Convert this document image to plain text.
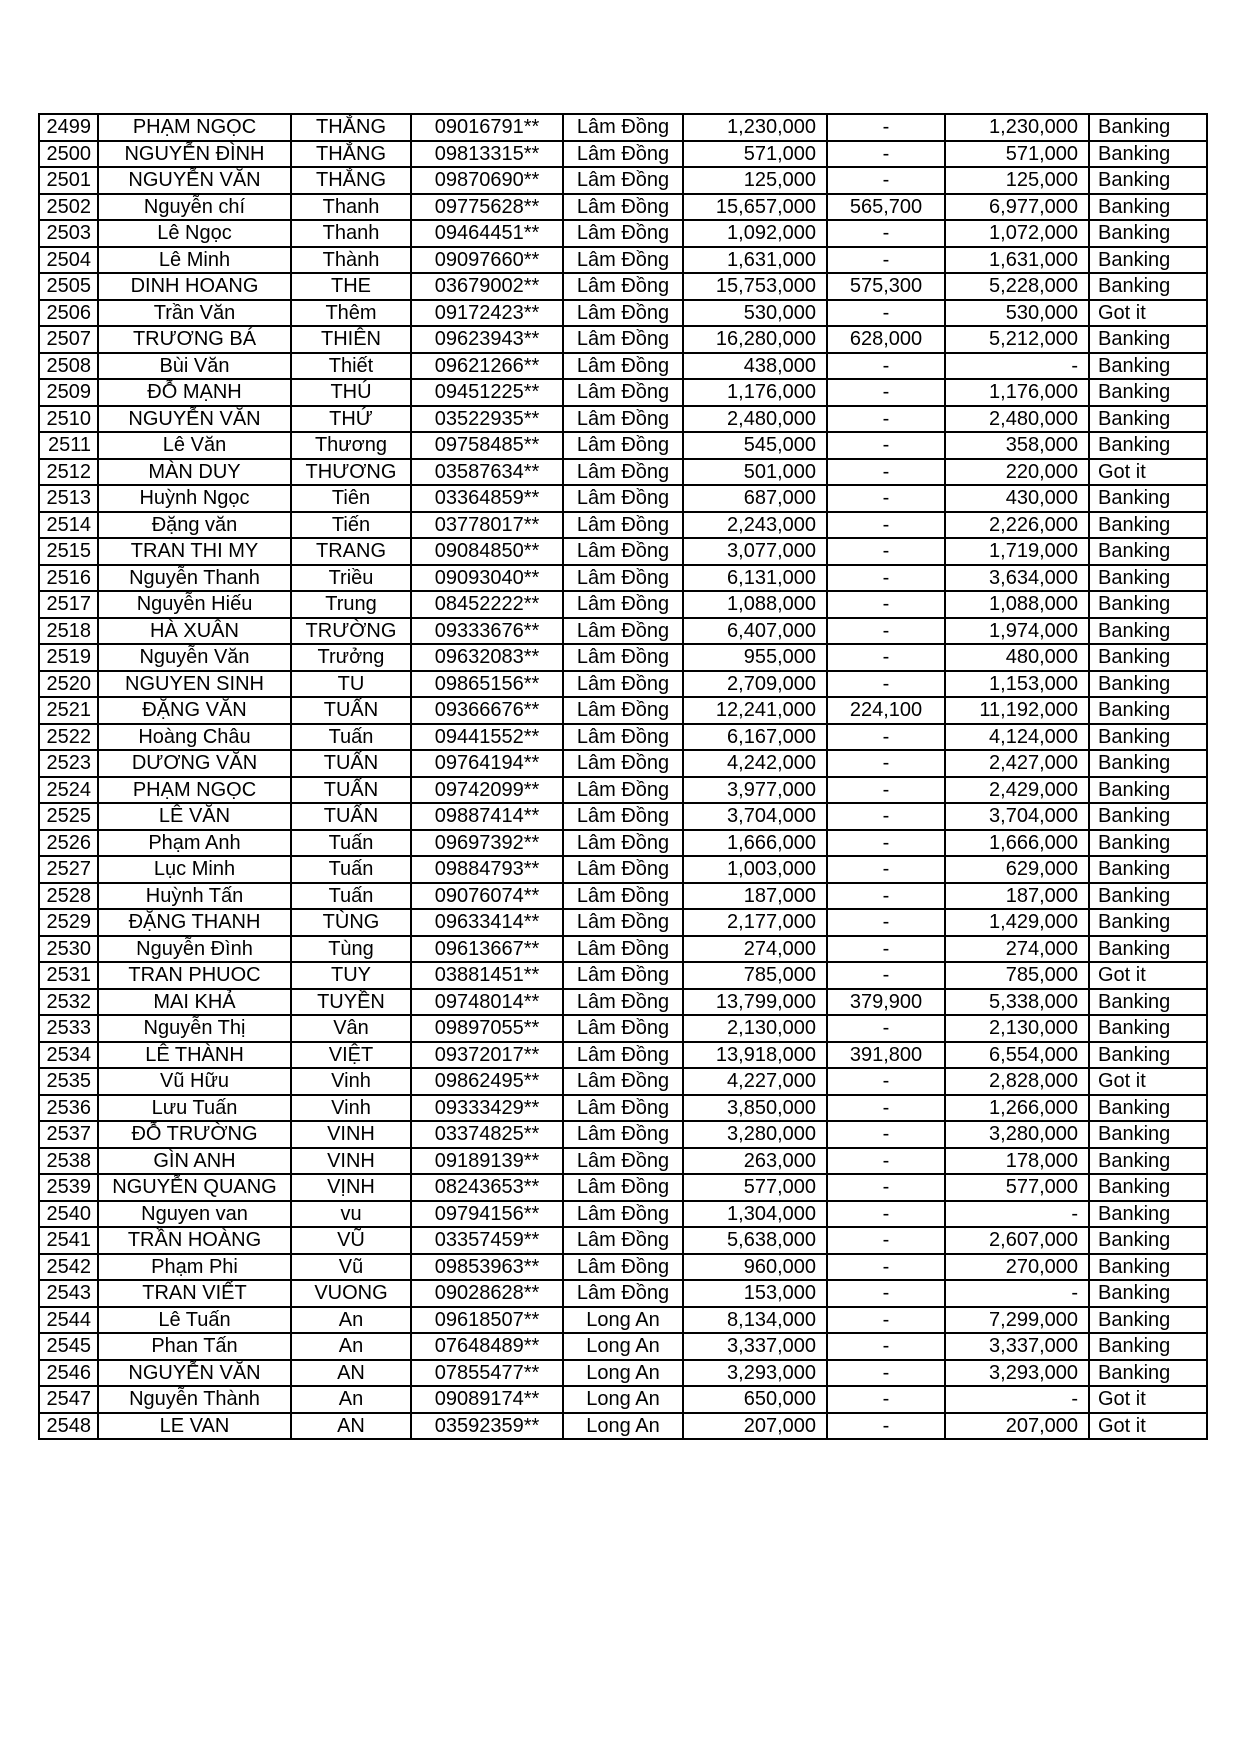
2499	PHẠM NGỌC	THẮNG	09016791**	Lâm Đồng	1,230,000	-	1,230,000	Banking
2500	NGUYỄN ĐÌNH	THẮNG	09813315**	Lâm Đồng	571,000	-	571,000	Banking
2501	NGUYỄN VĂN	THẮNG	09870690**	Lâm Đồng	125,000	-	125,000	Banking
2502	Nguyễn chí	Thanh	09775628**	Lâm Đồng	15,657,000	565,700	6,977,000	Banking
2503	Lê Ngọc	Thanh	09464451**	Lâm Đồng	1,092,000	-	1,072,000	Banking
2504	Lê Minh	Thành	09097660**	Lâm Đồng	1,631,000	-	1,631,000	Banking
2505	DINH HOANG	THE	03679002**	Lâm Đồng	15,753,000	575,300	5,228,000	Banking
2506	Trần Văn	Thêm	09172423**	Lâm Đồng	530,000	-	530,000	Got it
2507	TRƯƠNG BÁ	THIÊN	09623943**	Lâm Đồng	16,280,000	628,000	5,212,000	Banking
2508	Bùi Văn	Thiết	09621266**	Lâm Đồng	438,000	-	-	Banking
2509	ĐỖ MẠNH	THÚ	09451225**	Lâm Đồng	1,176,000	-	1,176,000	Banking
2510	NGUYỄN VĂN	THỨ	03522935**	Lâm Đồng	2,480,000	-	2,480,000	Banking
2511	Lê Văn	Thương	09758485**	Lâm Đồng	545,000	-	358,000	Banking
2512	MÀN DUY	THƯƠNG	03587634**	Lâm Đồng	501,000	-	220,000	Got it
2513	Huỳnh Ngọc	Tiên	03364859**	Lâm Đồng	687,000	-	430,000	Banking
2514	Đặng văn	Tiến	03778017**	Lâm Đồng	2,243,000	-	2,226,000	Banking
2515	TRAN THI MY	TRANG	09084850**	Lâm Đồng	3,077,000	-	1,719,000	Banking
2516	Nguyễn Thanh	Triều	09093040**	Lâm Đồng	6,131,000	-	3,634,000	Banking
2517	Nguyễn Hiếu	Trung	08452222**	Lâm Đồng	1,088,000	-	1,088,000	Banking
2518	HÀ XUÂN	TRƯỜNG	09333676**	Lâm Đồng	6,407,000	-	1,974,000	Banking
2519	Nguyễn Văn	Trưởng	09632083**	Lâm Đồng	955,000	-	480,000	Banking
2520	NGUYEN SINH	TU	09865156**	Lâm Đồng	2,709,000	-	1,153,000	Banking
2521	ĐẶNG VĂN	TUẤN	09366676**	Lâm Đồng	12,241,000	224,100	11,192,000	Banking
2522	Hoàng Châu	Tuấn	09441552**	Lâm Đồng	6,167,000	-	4,124,000	Banking
2523	DƯƠNG VĂN	TUẤN	09764194**	Lâm Đồng	4,242,000	-	2,427,000	Banking
2524	PHẠM NGỌC	TUẤN	09742099**	Lâm Đồng	3,977,000	-	2,429,000	Banking
2525	LÊ VĂN	TUẤN	09887414**	Lâm Đồng	3,704,000	-	3,704,000	Banking
2526	Phạm Anh	Tuấn	09697392**	Lâm Đồng	1,666,000	-	1,666,000	Banking
2527	Lục Minh	Tuấn	09884793**	Lâm Đồng	1,003,000	-	629,000	Banking
2528	Huỳnh Tấn	Tuấn	09076074**	Lâm Đồng	187,000	-	187,000	Banking
2529	ĐẶNG THANH	TÙNG	09633414**	Lâm Đồng	2,177,000	-	1,429,000	Banking
2530	Nguyễn Đình	Tùng	09613667**	Lâm Đồng	274,000	-	274,000	Banking
2531	TRAN PHUOC	TUY	03881451**	Lâm Đồng	785,000	-	785,000	Got it
2532	MAI KHẢ	TUYỀN	09748014**	Lâm Đồng	13,799,000	379,900	5,338,000	Banking
2533	Nguyễn Thị	Vân	09897055**	Lâm Đồng	2,130,000	-	2,130,000	Banking
2534	LÊ THÀNH	VIỆT	09372017**	Lâm Đồng	13,918,000	391,800	6,554,000	Banking
2535	Vũ Hữu	Vinh	09862495**	Lâm Đồng	4,227,000	-	2,828,000	Got it
2536	Lưu Tuấn	Vinh	09333429**	Lâm Đồng	3,850,000	-	1,266,000	Banking
2537	ĐỖ TRƯỜNG	VINH	03374825**	Lâm Đồng	3,280,000	-	3,280,000	Banking
2538	GÌN ANH	VINH	09189139**	Lâm Đồng	263,000	-	178,000	Banking
2539	NGUYỄN QUANG	VỊNH	08243653**	Lâm Đồng	577,000	-	577,000	Banking
2540	Nguyen van	vu	09794156**	Lâm Đồng	1,304,000	-	-	Banking
2541	TRẦN HOÀNG	VŨ	03357459**	Lâm Đồng	5,638,000	-	2,607,000	Banking
2542	Phạm Phi	Vũ	09853963**	Lâm Đồng	960,000	-	270,000	Banking
2543	TRAN VIẾT	VUONG	09028628**	Lâm Đồng	153,000	-	-	Banking
2544	Lê Tuấn	An	09618507**	Long An	8,134,000	-	7,299,000	Banking
2545	Phan Tấn	An	07648489**	Long An	3,337,000	-	3,337,000	Banking
2546	NGUYỄN VĂN	AN	07855477**	Long An	3,293,000	-	3,293,000	Banking
2547	Nguyễn Thành	An	09089174**	Long An	650,000	-	-	Got it
2548	LE VAN	AN	03592359**	Long An	207,000	-	207,000	Got it
